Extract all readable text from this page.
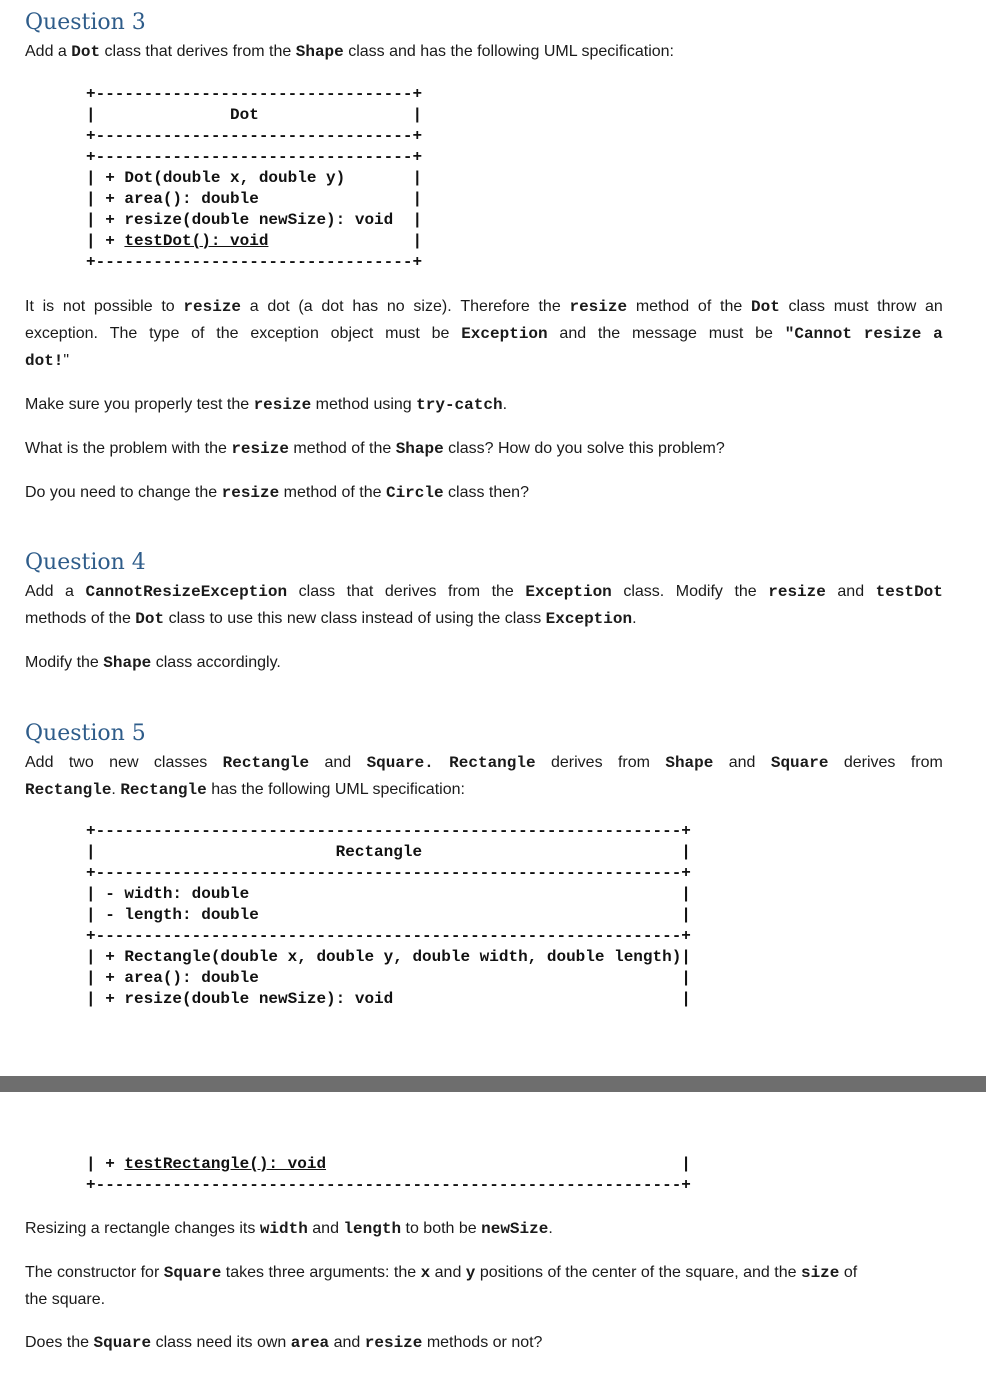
Question 3
Add a Dot class that derives from the Shape class and has the following UML specification:
+---------------------------------+
|              Dot                |
+---------------------------------+
+---------------------------------+
| + Dot(double x, double y)       |
| + area(): double                |
| + resize(double newSize): void  |
| + testDot(): void               |
+---------------------------------+
It is not possible to resize a dot (a dot has no size). Therefore the resize method of the Dot class must throw an
exception. The type of the exception object must be Exception and the message must be "Cannot resize a
dot!"
Make sure you properly test the resize method using try-catch.
What is the problem with the resize method of the Shape class? How do you solve this problem?
Do you need to change the resize method of the Circle class then?
Question 4
Add a CannotResizeException class that derives from the Exception class. Modify the resize and testDot
methods of the Dot class to use this new class instead of using the class Exception.
Modify the Shape class accordingly.
Question 5
Add two new classes Rectangle and Square. Rectangle derives from Shape and Square derives from
Rectangle. Rectangle has the following UML specification:
+-------------------------------------------------------------+
|                         Rectangle                           |
+-------------------------------------------------------------+
| - width: double                                             |
| - length: double                                            |
+-------------------------------------------------------------+
| + Rectangle(double x, double y, double width, double length)|
| + area(): double                                            |
| + resize(double newSize): void                              |
| + testRectangle(): void                                     |
+-------------------------------------------------------------+
Resizing a rectangle changes its width and length to both be newSize.
The constructor for Square takes three arguments: the x and y positions of the center of the square, and the size of
the square.
Does the Square class need its own area and resize methods or not?
